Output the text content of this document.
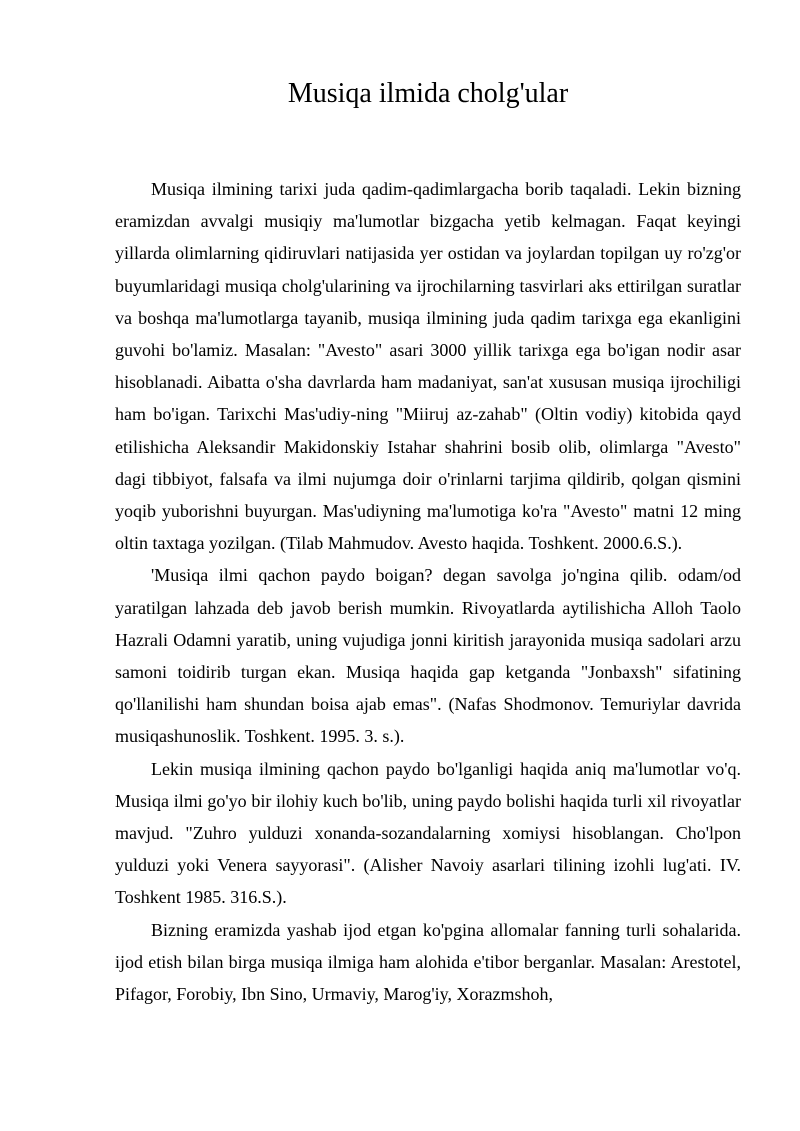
Musiqa ilmida cholg'ular

Musiqa ilmining tarixi juda qadim-qadimlargacha borib taqaladi. Lekin bizning eramizdan avvalgi musiqiy ma'lumotlar bizgacha yetib kelmagan. Faqat keyingi yillarda olimlarning qidiruvlari natijasida yer ostidan va joylardan topilgan uy ro'zg'or buyumlaridagi musiqa cholg'ularining va ijrochilarning tasvirlari aks ettirilgan suratlar va boshqa ma'lumotlarga tayanib, musiqa ilmining juda qadim tarixga ega ekanligini guvohi bo'lamiz. Masalan: "Avesto" asari 3000 yillik tarixga ega bo'igan nodir asar hisoblanadi. Aibatta o'sha davrlarda ham madaniyat, san'at xususan musiqa ijrochiligi ham bo'igan. Tarixchi Mas'udiy-ning "Miiruj az-zahab" (Oltin vodiy) kitobida qayd etilishicha Aleksandir Makidonskiy Istahar shahrini bosib olib, olimlarga "Avesto" dagi tibbiyot, falsafa va ilmi nujumga doir o'rinlarni tarjima qildirib, qolgan qismini yoqib yuborishni buyurgan. Mas'udiyning ma'lumotiga ko'ra "Avesto" matni 12 ming oltin taxtaga yozilgan. (Tilab Mahmudov. Avesto haqida. Toshkent. 2000.6.S.).

'Musiqa ilmi qachon paydo boigan? degan savolga jo'ngina qilib. odam/od yaratilgan lahzada deb javob berish mumkin. Rivoyatlarda aytilishicha Alloh Taolo Hazrali Odamni yaratib, uning vujudiga jonni kiritish jarayonida musiqa sadolari arzu samoni toidirib turgan ekan. Musiqa haqida gap ketganda "Jonbaxsh" sifatining qo'llanilishi ham shundan boisa ajab emas". (Nafas Shodmonov. Temuriylar davrida musiqashunoslik. Toshkent. 1995. 3. s.).

Lekin musiqa ilmining qachon paydo bo'lganligi haqida aniq ma'lumotlar vo'q. Musiqa ilmi go'yo bir ilohiy kuch bo'lib, uning paydo bolishi haqida turli xil rivoyatlar mavjud. "Zuhro yulduzi xonanda-sozandalarning xomiysi hisoblangan. Cho'lpon yulduzi yoki Venera sayyorasi". (Alisher Navoiy asarlari tilining izohli lug'ati. IV. Toshkent 1985. 316.S.).

Bizning eramizda yashab ijod etgan ko'pgina allomalar fanning turli sohalarida. ijod etish bilan birga musiqa ilmiga ham alohida e'tibor berganlar. Masalan: Arestotel, Pifagor, Forobiy, Ibn Sino, Urmaviy, Marog'iy, Xorazmshoh,
